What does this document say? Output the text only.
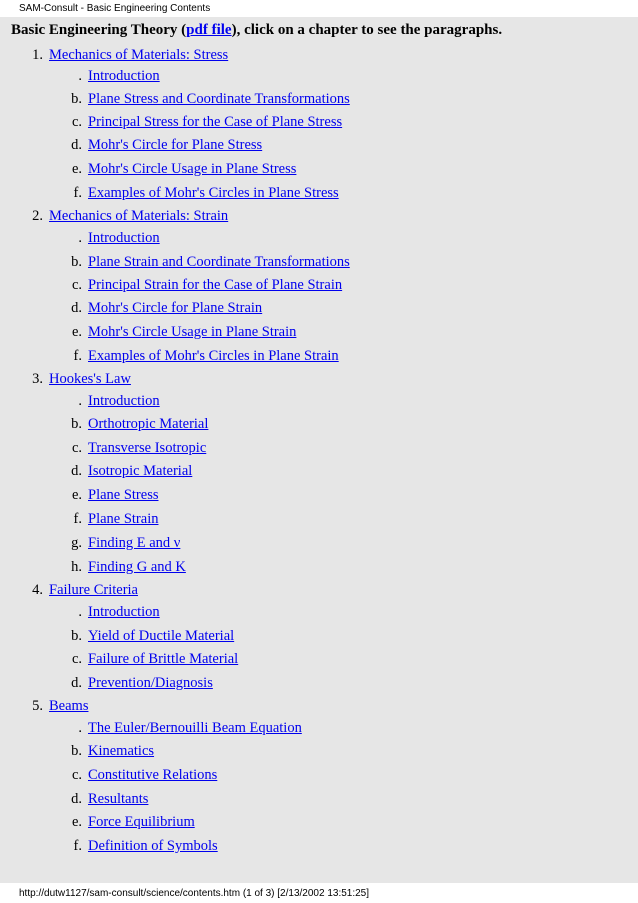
SAM-Consult - Basic Engineering Contents
Basic Engineering Theory (pdf file), click on a chapter to see the paragraphs.
1. Mechanics of Materials: Stress
. Introduction
b. Plane Stress and Coordinate Transformations
c. Principal Stress for the Case of Plane Stress
d. Mohr's Circle for Plane Stress
e. Mohr's Circle Usage in Plane Stress
f. Examples of Mohr's Circles in Plane Stress
2. Mechanics of Materials: Strain
. Introduction
b. Plane Strain and Coordinate Transformations
c. Principal Strain for the Case of Plane Strain
d. Mohr's Circle for Plane Strain
e. Mohr's Circle Usage in Plane Strain
f. Examples of Mohr's Circles in Plane Strain
3. Hookes's Law
. Introduction
b. Orthotropic Material
c. Transverse Isotropic
d. Isotropic Material
e. Plane Stress
f. Plane Strain
g. Finding E and ν
h. Finding G and K
4. Failure Criteria
. Introduction
b. Yield of Ductile Material
c. Failure of Brittle Material
d. Prevention/Diagnosis
5. Beams
. The Euler/Bernouilli Beam Equation
b. Kinematics
c. Constitutive Relations
d. Resultants
e. Force Equilibrium
f. Definition of Symbols
http://dutw1127/sam-consult/science/contents.htm (1 of 3) [2/13/2002 13:51:25]
